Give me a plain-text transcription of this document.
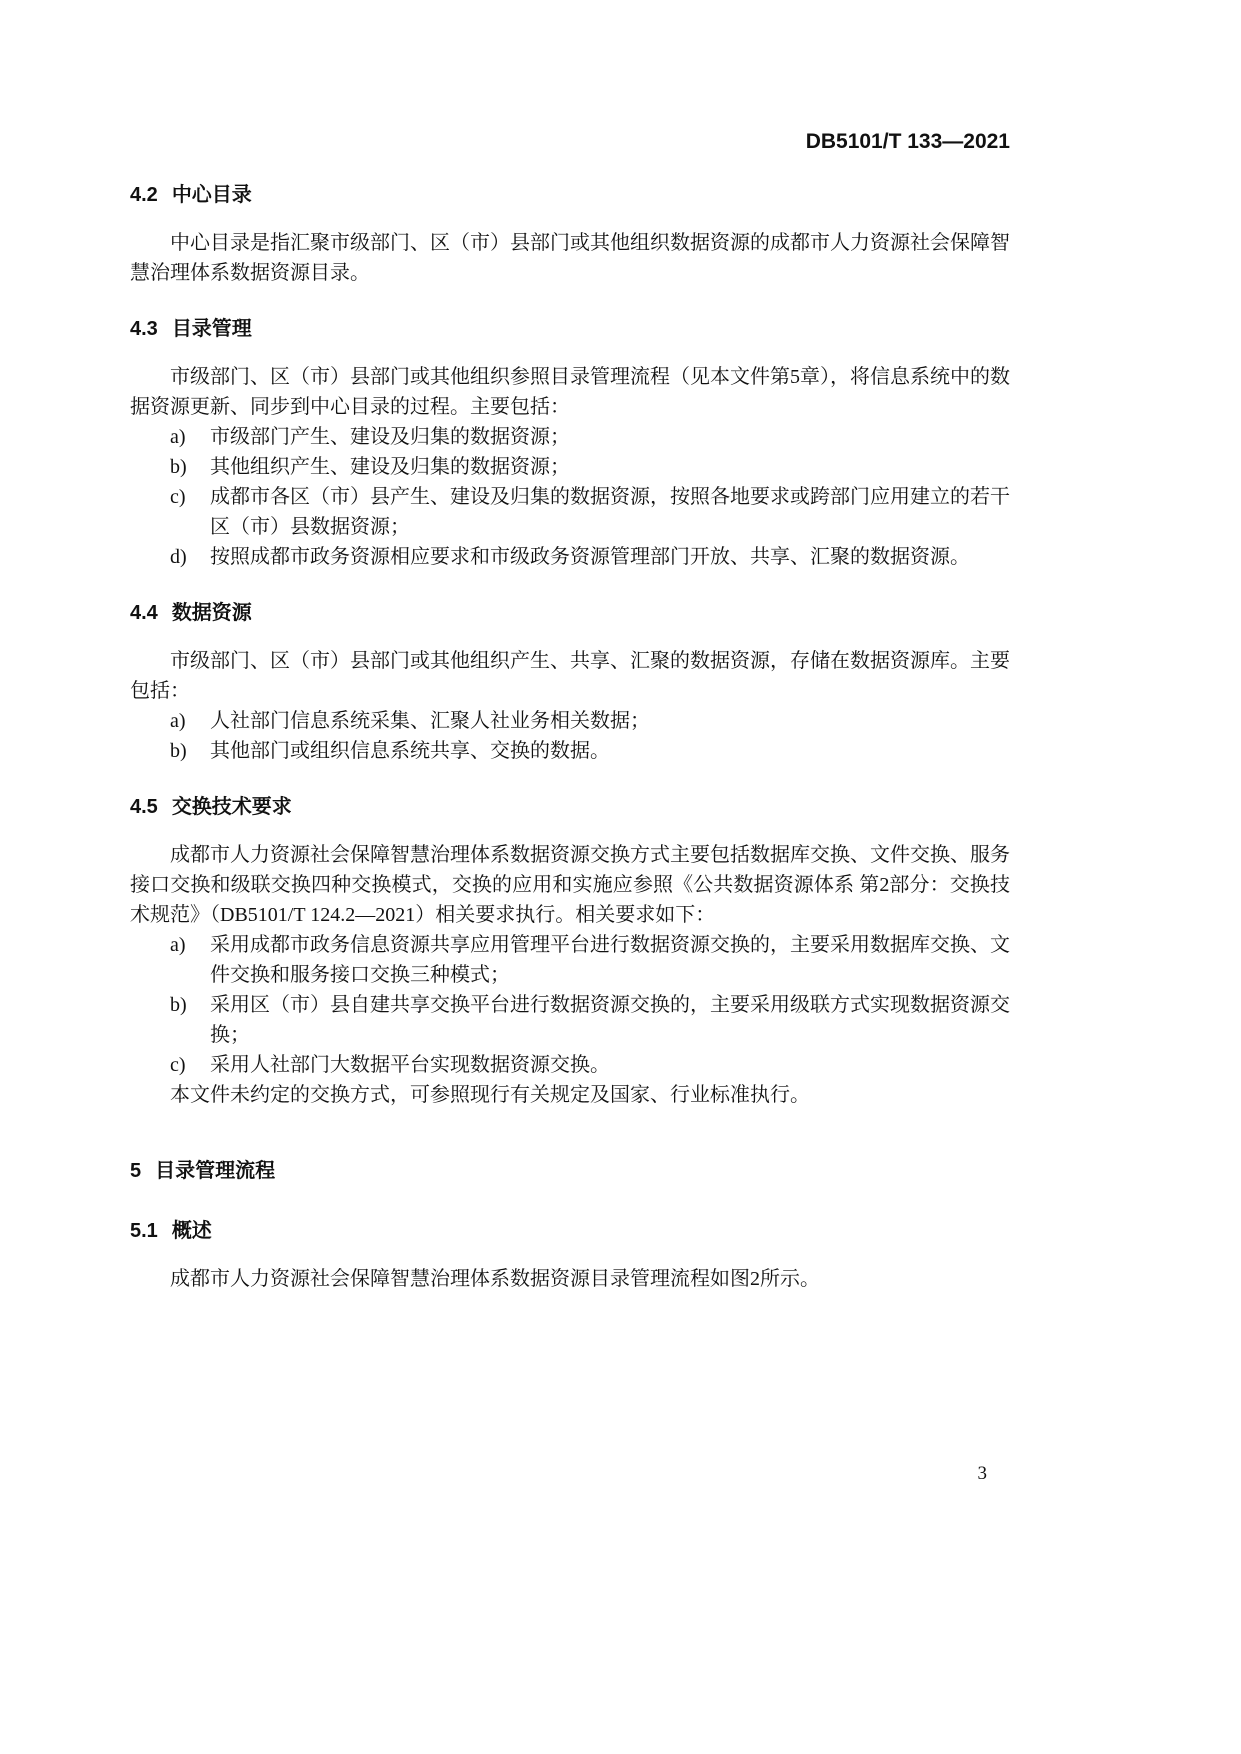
DB5101/T 133—2021
4.2 中心目录

中心目录是指汇聚市级部门、区（市）县部门或其他组织数据资源的成都市人力资源社会保障智慧治理体系数据资源目录。

4.3 目录管理

市级部门、区（市）县部门或其他组织参照目录管理流程（见本文件第5章），将信息系统中的数据资源更新、同步到中心目录的过程。主要包括：

a)	市级部门产生、建设及归集的数据资源；
b)	其他组织产生、建设及归集的数据资源；
c)	成都市各区（市）县产生、建设及归集的数据资源，按照各地要求或跨部门应用建立的若干区（市）县数据资源；
d)	按照成都市政务资源相应要求和市级政务资源管理部门开放、共享、汇聚的数据资源。
4.4 数据资源

市级部门、区（市）县部门或其他组织产生、共享、汇聚的数据资源，存储在数据资源库。主要包括：

a)	人社部门信息系统采集、汇聚人社业务相关数据；
b)	其他部门或组织信息系统共享、交换的数据。
4.5 交换技术要求

成都市人力资源社会保障智慧治理体系数据资源交换方式主要包括数据库交换、文件交换、服务接口交换和级联交换四种交换模式，交换的应用和实施应参照《公共数据资源体系 第2部分：交换技术规范》（DB5101/T 124.2—2021）相关要求执行。相关要求如下：

a)	采用成都市政务信息资源共享应用管理平台进行数据资源交换的，主要采用数据库交换、文件交换和服务接口交换三种模式；
b)	采用区（市）县自建共享交换平台进行数据资源交换的，主要采用级联方式实现数据资源交换；
c)	采用人社部门大数据平台实现数据资源交换。

本文件未约定的交换方式，可参照现行有关规定及国家、行业标准执行。

5 目录管理流程
5.1 概述

成都市人力资源社会保障智慧治理体系数据资源目录管理流程如图2所示。

3
